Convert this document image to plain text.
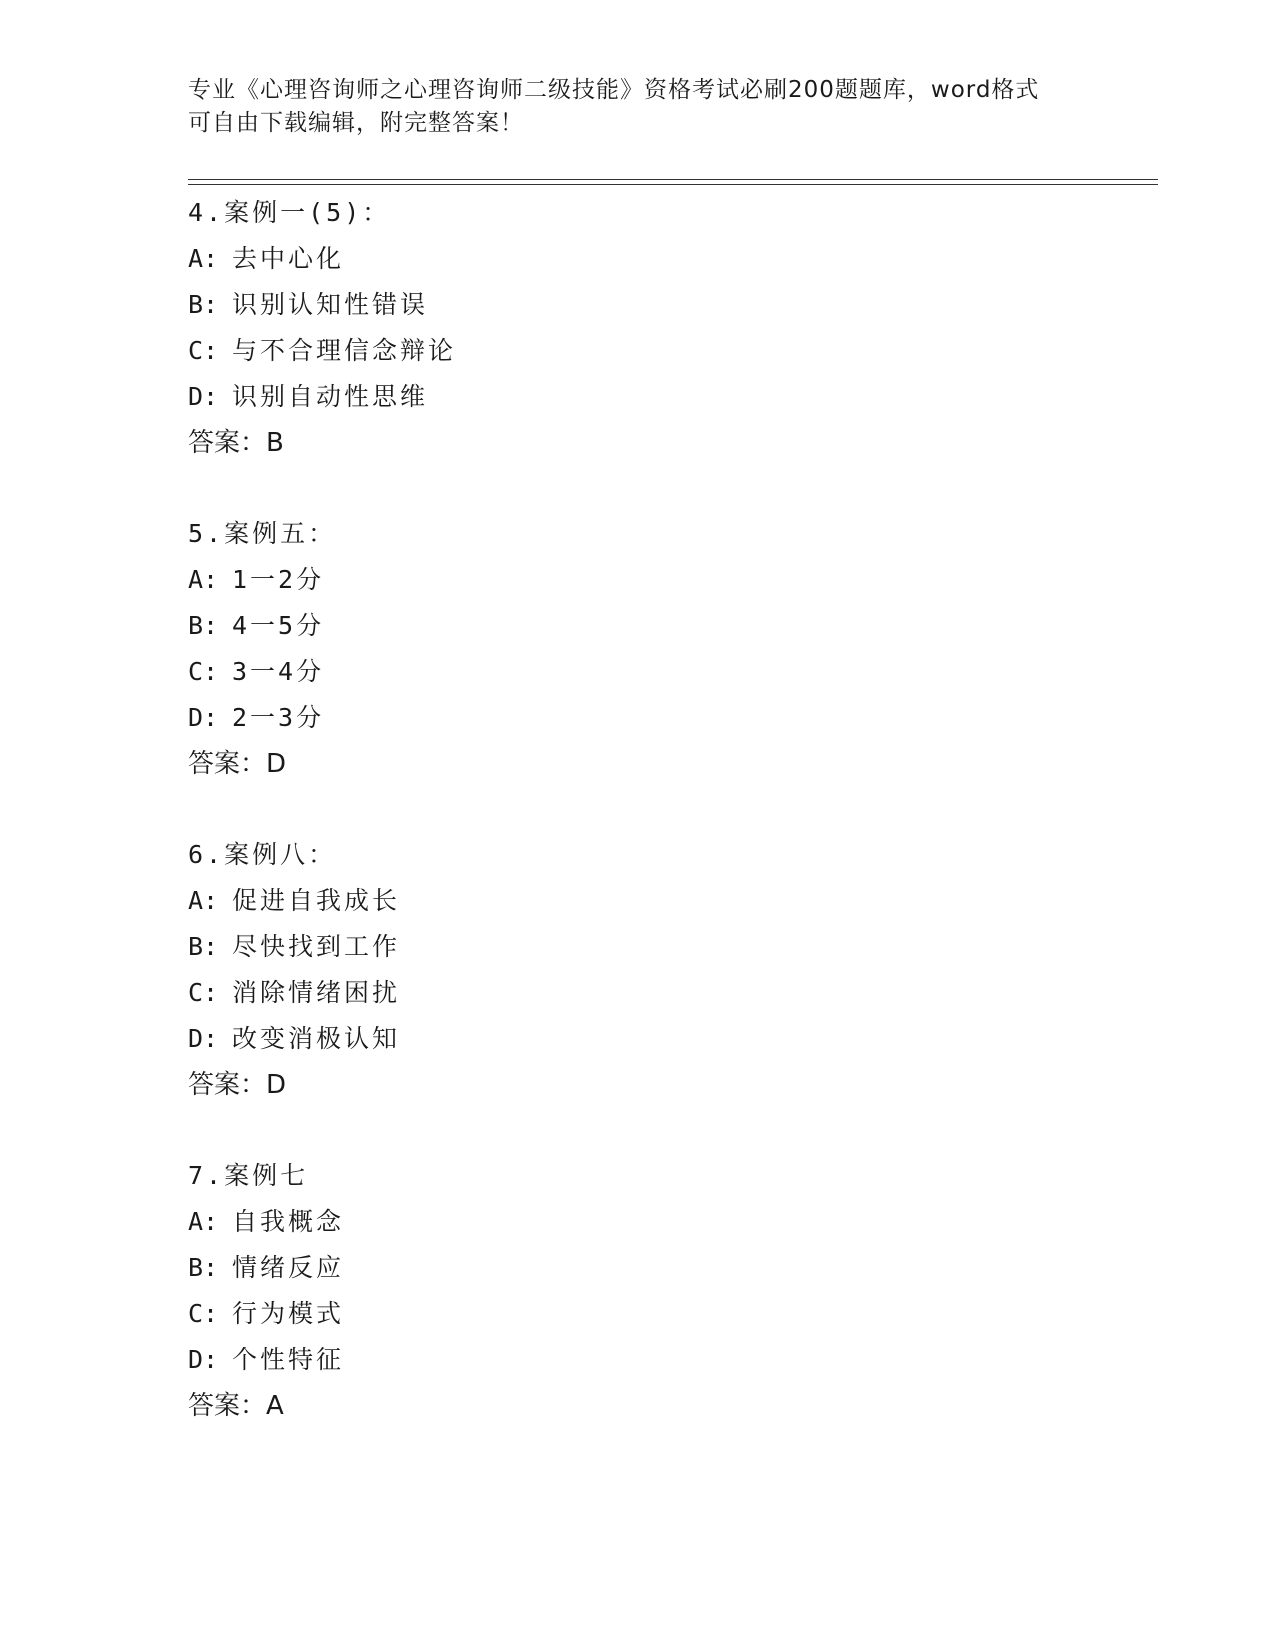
专业《心理咨询师之心理咨询师二级技能》资格考试必刷200题题库，word格式
可自由下载编辑，附完整答案！
4.案例一(5)：
A: 去中心化
B: 识别认知性错误
C: 与不合理信念辩论
D: 识别自动性思维
答案：B
5.案例五：
A: 1一2分
B: 4一5分
C: 3一4分
D: 2一3分
答案：D
6.案例八：
A: 促进自我成长
B: 尽快找到工作
C: 消除情绪困扰
D: 改变消极认知
答案：D
7.案例七
A: 自我概念
B: 情绪反应
C: 行为模式
D: 个性特征
答案：A
